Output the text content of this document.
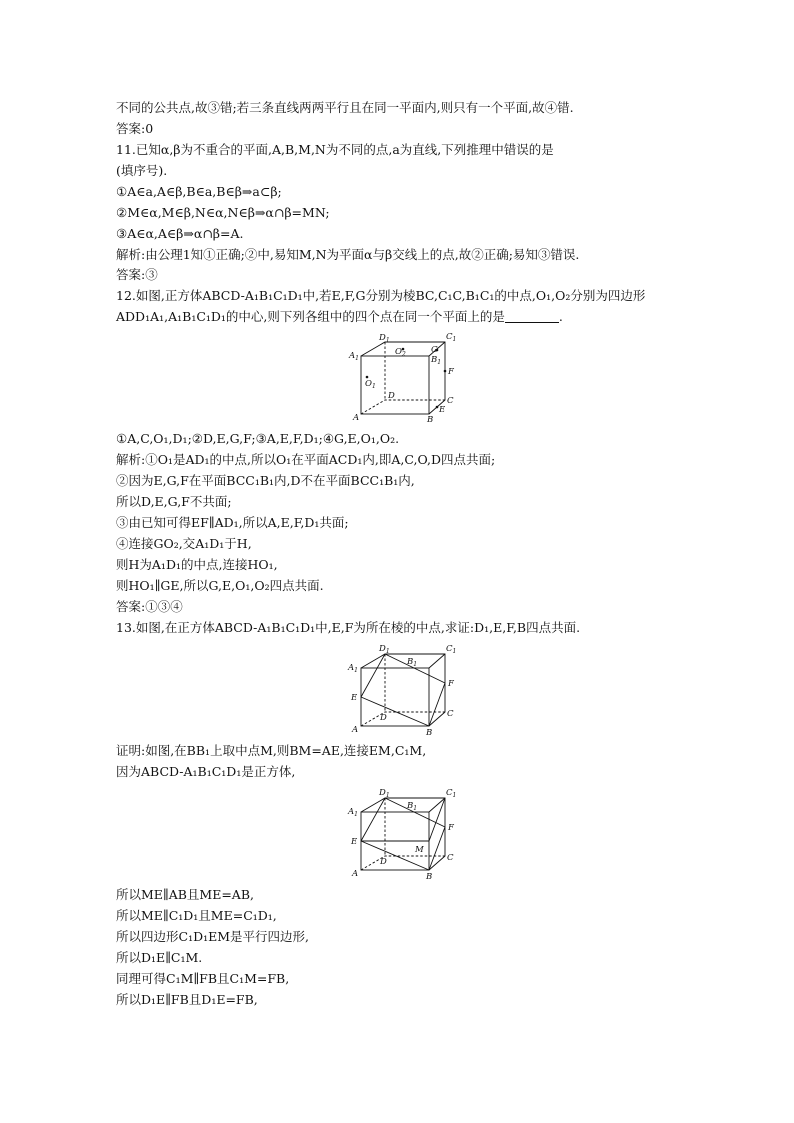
不同的公共点,故③错;若三条直线两两平行且在同一平面内,则只有一个平面,故④错.
答案:0
11.已知α,β为不重合的平面,A,B,M,N为不同的点,a为直线,下列推理中错误的是
(填序号).
①A∈a,A∈β,B∈a,B∈β⇒a⊂β;
②M∈α,M∈β,N∈α,N∈β⇒α∩β=MN;
③A∈α,A∈β⇒α∩β=A.
解析:由公理1知①正确;②中,易知M,N为平面α与β交线上的点,故②正确;易知③错误.
答案:③
12.如图,正方体ABCD-A₁B₁C₁D₁中,若E,F,G分别为棱BC,C₁C,B₁C₁的中点,O₁,O₂分别为四边形
ADD₁A₁,A₁B₁C₁D₁的中心,则下列各组中的四个点在同一个平面上的是	.
$D_1$	$C_1$
$A_1$	$B_1$
$O_2$	G
$O_1$
F
D	C
E
A	B
①A,C,O₁,D₁;②D,E,G,F;③A,E,F,D₁;④G,E,O₁,O₂.
解析:①O₁是AD₁的中点,所以O₁在平面ACD₁内,即A,C,O,D四点共面;
②因为E,G,F在平面BCC₁B₁内,D不在平面BCC₁B₁内,
所以D,E,G,F不共面;
③由已知可得EF∥AD₁,所以A,E,F,D₁共面;
④连接GO₂,交A₁D₁于H,
则H为A₁D₁的中点,连接HO₁,
则HO₁∥GE,所以G,E,O₁,O₂四点共面.
答案:①③④
13.如图,在正方体ABCD-A₁B₁C₁D₁中,E,F为所在棱的中点,求证:D₁,E,F,B四点共面.
$D_1$	$C_1$
$A_1$
$B_1$
E
F
D	C
A	B
证明:如图,在BB₁上取中点M,则BM=AE,连接EM,C₁M,
因为ABCD-A₁B₁C₁D₁是正方体,
$D_1$	$C_1$
$A_1$
$B_1$
E
F
M
D	C
A	B
所以ME∥AB且ME=AB,
所以ME∥C₁D₁且ME=C₁D₁,
所以四边形C₁D₁EM是平行四边形,
所以D₁E∥C₁M.
同理可得C₁M∥FB且C₁M=FB,
所以D₁E∥FB且D₁E=FB,
